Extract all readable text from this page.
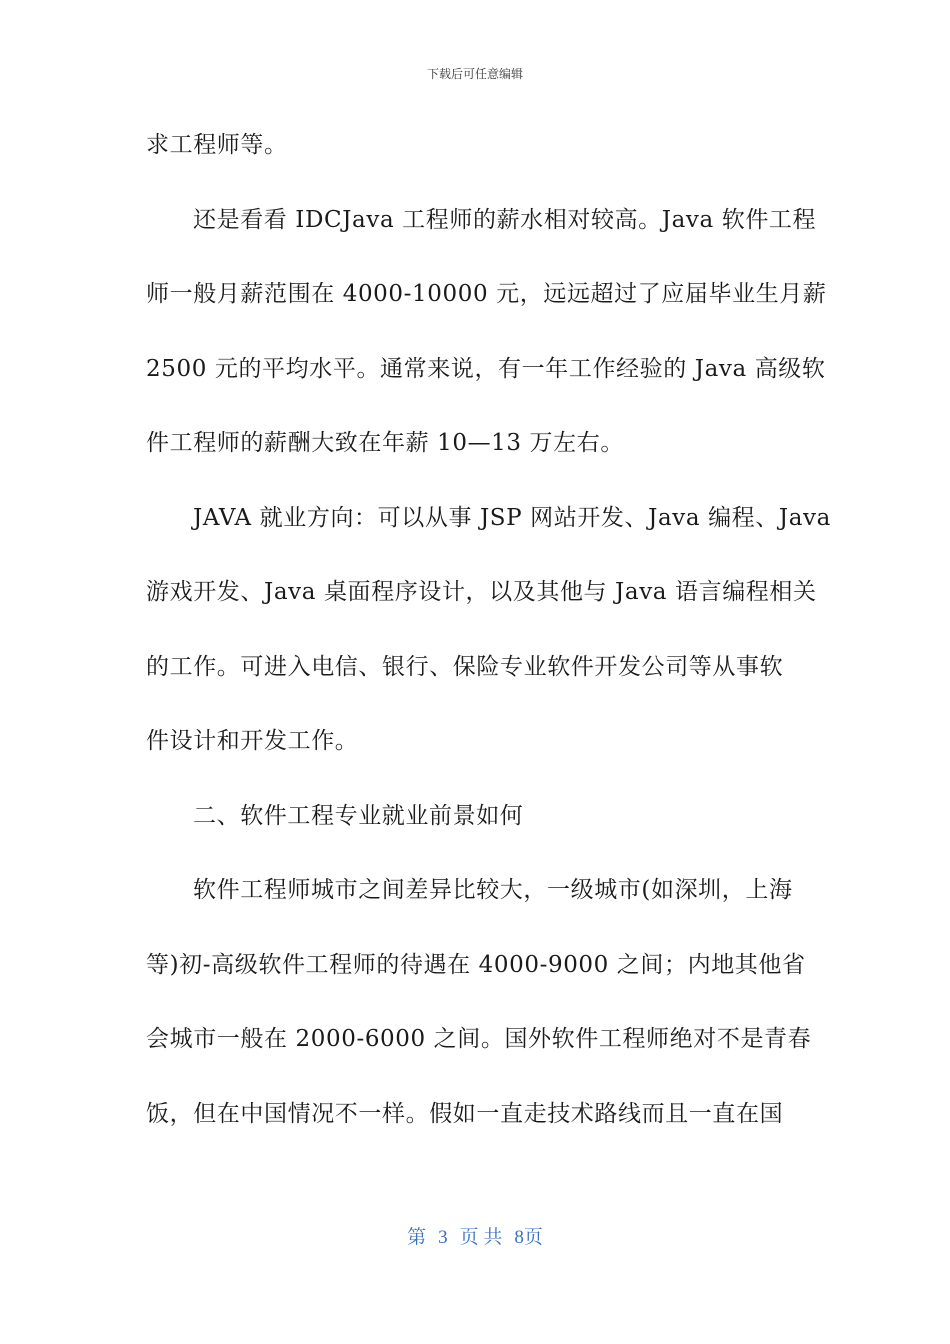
下载后可任意编辑
求工程师等。
还是看看 IDCJava 工程师的薪水相对较高。Java 软件工程
师一般月薪范围在 4000-10000 元，远远超过了应届毕业生月薪
2500 元的平均水平。通常来说，有一年工作经验的 Java 高级软
件工程师的薪酬大致在年薪 10—13 万左右。
JAVA 就业方向：可以从事 JSP 网站开发、Java 编程、Java
游戏开发、Java 桌面程序设计，以及其他与 Java 语言编程相关
的工作。可进入电信、银行、保险专业软件开发公司等从事软
件设计和开发工作。
二、软件工程专业就业前景如何
软件工程师城市之间差异比较大，一级城市(如深圳，上海
等)初-高级软件工程师的待遇在 4000-9000 之间；内地其他省
会城市一般在 2000-6000 之间。国外软件工程师绝对不是青春
饭，但在中国情况不一样。假如一直走技术路线而且一直在国
第 3 页 共 8页
